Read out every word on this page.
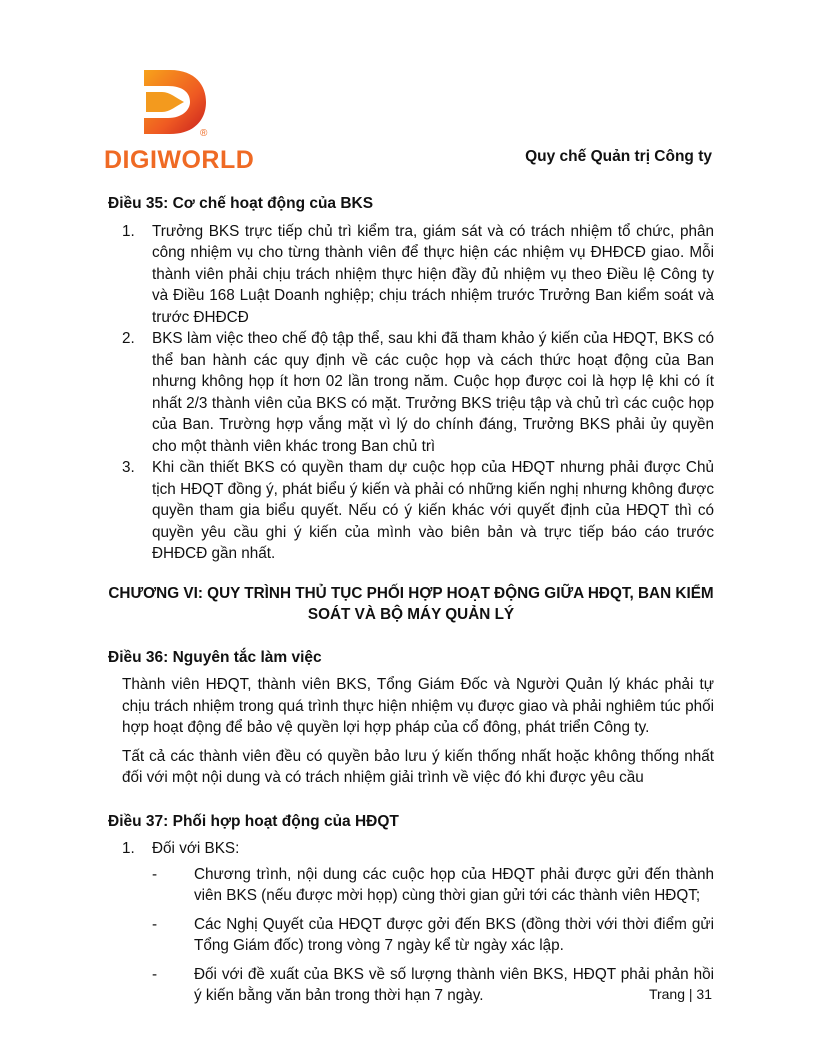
®
DIGIWORLD	Quy chế Quản trị Công ty
Điều 35: Cơ chế hoạt động của BKS
1. Trưởng BKS trực tiếp chủ trì kiểm tra, giám sát và có trách nhiệm tổ chức, phân công nhiệm vụ cho từng thành viên để thực hiện các nhiệm vụ ĐHĐCĐ giao. Mỗi thành viên phải chịu trách nhiệm thực hiện đầy đủ nhiệm vụ theo Điều lệ Công ty và Điều 168 Luật Doanh nghiệp; chịu trách nhiệm trước Trưởng Ban kiểm soát và trước ĐHĐCĐ
2. BKS làm việc theo chế độ tập thể, sau khi đã tham khảo ý kiến của HĐQT, BKS có thể ban hành các quy định về các cuộc họp và cách thức hoạt động của Ban nhưng không họp ít hơn 02 lần trong năm. Cuộc họp được coi là hợp lệ khi có ít nhất 2/3 thành viên của BKS có mặt. Trưởng BKS triệu tập và chủ trì các cuộc họp của Ban. Trường hợp vắng mặt vì lý do chính đáng, Trưởng BKS phải ủy quyền cho một thành viên khác trong Ban chủ trì
3. Khi cần thiết BKS có quyền tham dự cuộc họp của HĐQT nhưng phải được Chủ tịch HĐQT đồng ý, phát biểu ý kiến và phải có những kiến nghị nhưng không được quyền tham gia biểu quyết. Nếu có ý kiến khác với quyết định của HĐQT thì có quyền yêu cầu ghi ý kiến của mình vào biên bản và trực tiếp báo cáo trước ĐHĐCĐ gần nhất.
CHƯƠNG VI: QUY TRÌNH THỦ TỤC PHỐI HỢP HOẠT ĐỘNG GIỮA HĐQT, BAN KIỂM
SOÁT VÀ BỘ MÁY QUẢN LÝ
Điều 36: Nguyên tắc làm việc

Thành viên HĐQT, thành viên BKS, Tổng Giám Đốc và Người Quản lý khác phải tự chịu trách nhiệm trong quá trình thực hiện nhiệm vụ được giao và phải nghiêm túc phối hợp hoạt động để bảo vệ quyền lợi hợp pháp của cổ đông, phát triển Công ty.

Tất cả các thành viên đều có quyền bảo lưu ý kiến thống nhất hoặc không thống nhất đối với một nội dung và có trách nhiệm giải trình về việc đó khi được yêu cầu

Điều 37: Phối hợp hoạt động của HĐQT
1. Đối với BKS:
- Chương trình, nội dung các cuộc họp của HĐQT phải được gửi đến thành viên BKS (nếu được mời họp) cùng thời gian gửi tới các thành viên HĐQT;
- Các Nghị Quyết của HĐQT được gởi đến BKS (đồng thời với thời điểm gửi Tổng Giám đốc) trong vòng 7 ngày kể từ ngày xác lập.
- Đối với đề xuất của BKS về số lượng thành viên BKS, HĐQT phải phản hồi ý kiến bằng văn bản trong thời hạn 7 ngày.	Trang | 31
